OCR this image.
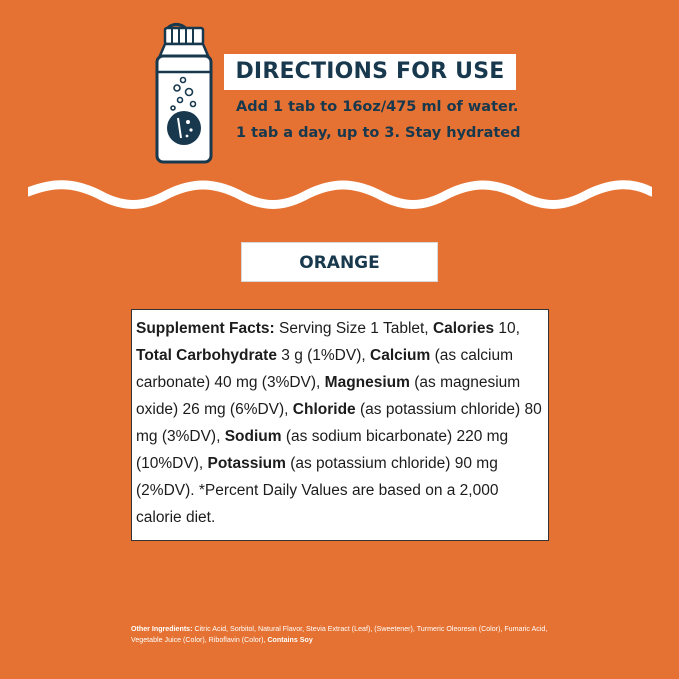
DIRECTIONS FOR USE
Add 1 tab to 16oz/475 ml of water.
1 tab a day, up to 3. Stay hydrated
ORANGE
Supplement Facts: Serving Size 1 Tablet, Calories 10, Total Carbohydrate 3 g (1%DV), Calcium (as calcium carbonate) 40 mg (3%DV), Magnesium (as magnesium oxide) 26 mg (6%DV), Chloride (as potassium chloride) 80 mg (3%DV), Sodium (as sodium bicarbonate) 220 mg (10%DV), Potassium (as potassium chloride) 90 mg (2%DV). *Percent Daily Values are based on a 2,000 calorie diet.
Other Ingredients: Citric Acid, Sorbitol, Natural Flavor, Stevia Extract (Leaf), (Sweetener), Turmeric Oleoresin (Color), Fumaric Acid, Vegetable Juice (Color), Riboflavin (Color), Contains Soy
